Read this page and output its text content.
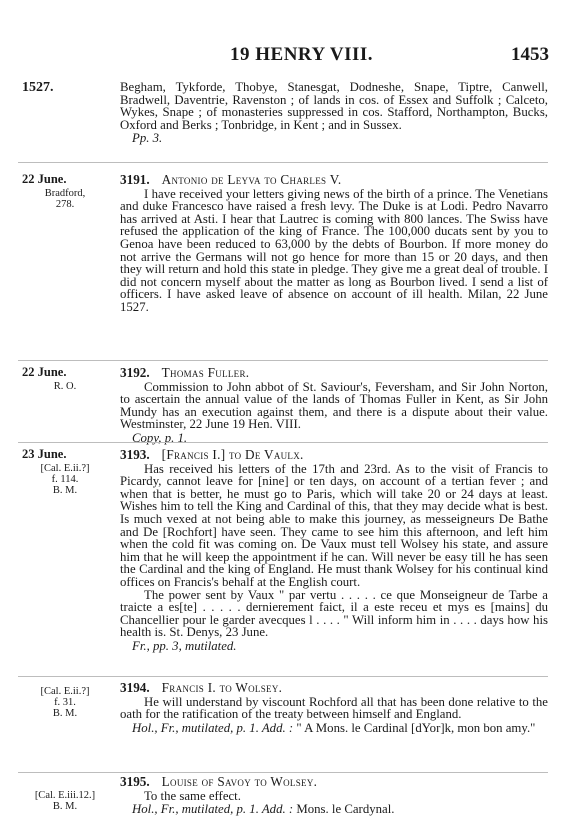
19 HENRY VIII.	1453
1527.	Begham, Tykforde, Thobye, Stanesgat, Dodneshe, Snape, Tiptre, Canwell, Bradwell, Daventrie, Ravenston ; of lands in cos. of Essex and Suffolk ; Calceto, Wykes, Snape ; of monasteries suppressed in cos. Stafford, Northampton, Bucks, Oxford and Berks ; Tonbridge, in Kent ; and in Sussex.

Pp. 3.
22 June.
Bradford,
278.
3191. Antonio de Leyva to Charles V.

I have received your letters giving news of the birth of a prince. The Venetians and duke Francesco have raised a fresh levy. The Duke is at Lodi. Pedro Navarro has arrived at Asti. I hear that Lautrec is coming with 800 lances. The Swiss have refused the application of the king of France. The 100,000 ducats sent by you to Genoa have been reduced to 63,000 by the debts of Bourbon. If more money do not arrive the Germans will not go hence for more than 15 or 20 days, and then they will return and hold this state in pledge. They give me a great deal of trouble. I did not concern myself about the matter as long as Bourbon lived. I send a list of officers. I have asked leave of absence on account of ill health. Milan, 22 June 1527.

22 June.
R. O.
3192. Thomas Fuller.

Commission to John abbot of St. Saviour's, Feversham, and Sir John Norton, to ascertain the annual value of the lands of Thomas Fuller in Kent, as Sir John Mundy has an execution against them, and there is a dispute about their value. Westminster, 22 June 19 Hen. VIII.

Copy, p. 1.
23 June.
[Cal. E.ii.?]
f. 114.
B. M.
3193. [Francis I.] to De Vaulx.

Has received his letters of the 17th and 23rd. As to the visit of Francis to Picardy, cannot leave for [nine] or ten days, on account of a tertian fever ; and when that is better, he must go to Paris, which will take 20 or 24 days at least. Wishes him to tell the King and Cardinal of this, that they may decide what is best. Is much vexed at not being able to make this journey, as messeigneurs De Bathe and De [Rochfort] have seen. They came to see him this afternoon, and left him when the cold fit was coming on. De Vaux must tell Wolsey his state, and assure him that he will keep the appointment if he can. Will never be easy till he has seen the Cardinal and the king of England. He must thank Wolsey for his continual kind offices on Francis's behalf at the English court.

The power sent by Vaux " par vertu . . . . . ce que Monseigneur de Tarbe a traicte a es[te] . . . . . dernierement faict, il a este receu et mys es [mains] du Chancellier pour le garder avecques l . . . . " Will inform him in . . . . days how his health is. St. Denys, 23 June.

Fr., pp. 3, mutilated.
[Cal. E.ii.?]
f. 31.
B. M.
3194. Francis I. to Wolsey.

He will understand by viscount Rochford all that has been done relative to the oath for the ratification of the treaty between himself and England.

Hol., Fr., mutilated, p. 1. Add. : " A Mons. le Cardinal [dYor]k, mon bon amy."
[Cal. E.iii.12.]
B. M.
3195. Louise of Savoy to Wolsey.

To the same effect.

Hol., Fr., mutilated, p. 1. Add. : Mons. le Cardynal.
